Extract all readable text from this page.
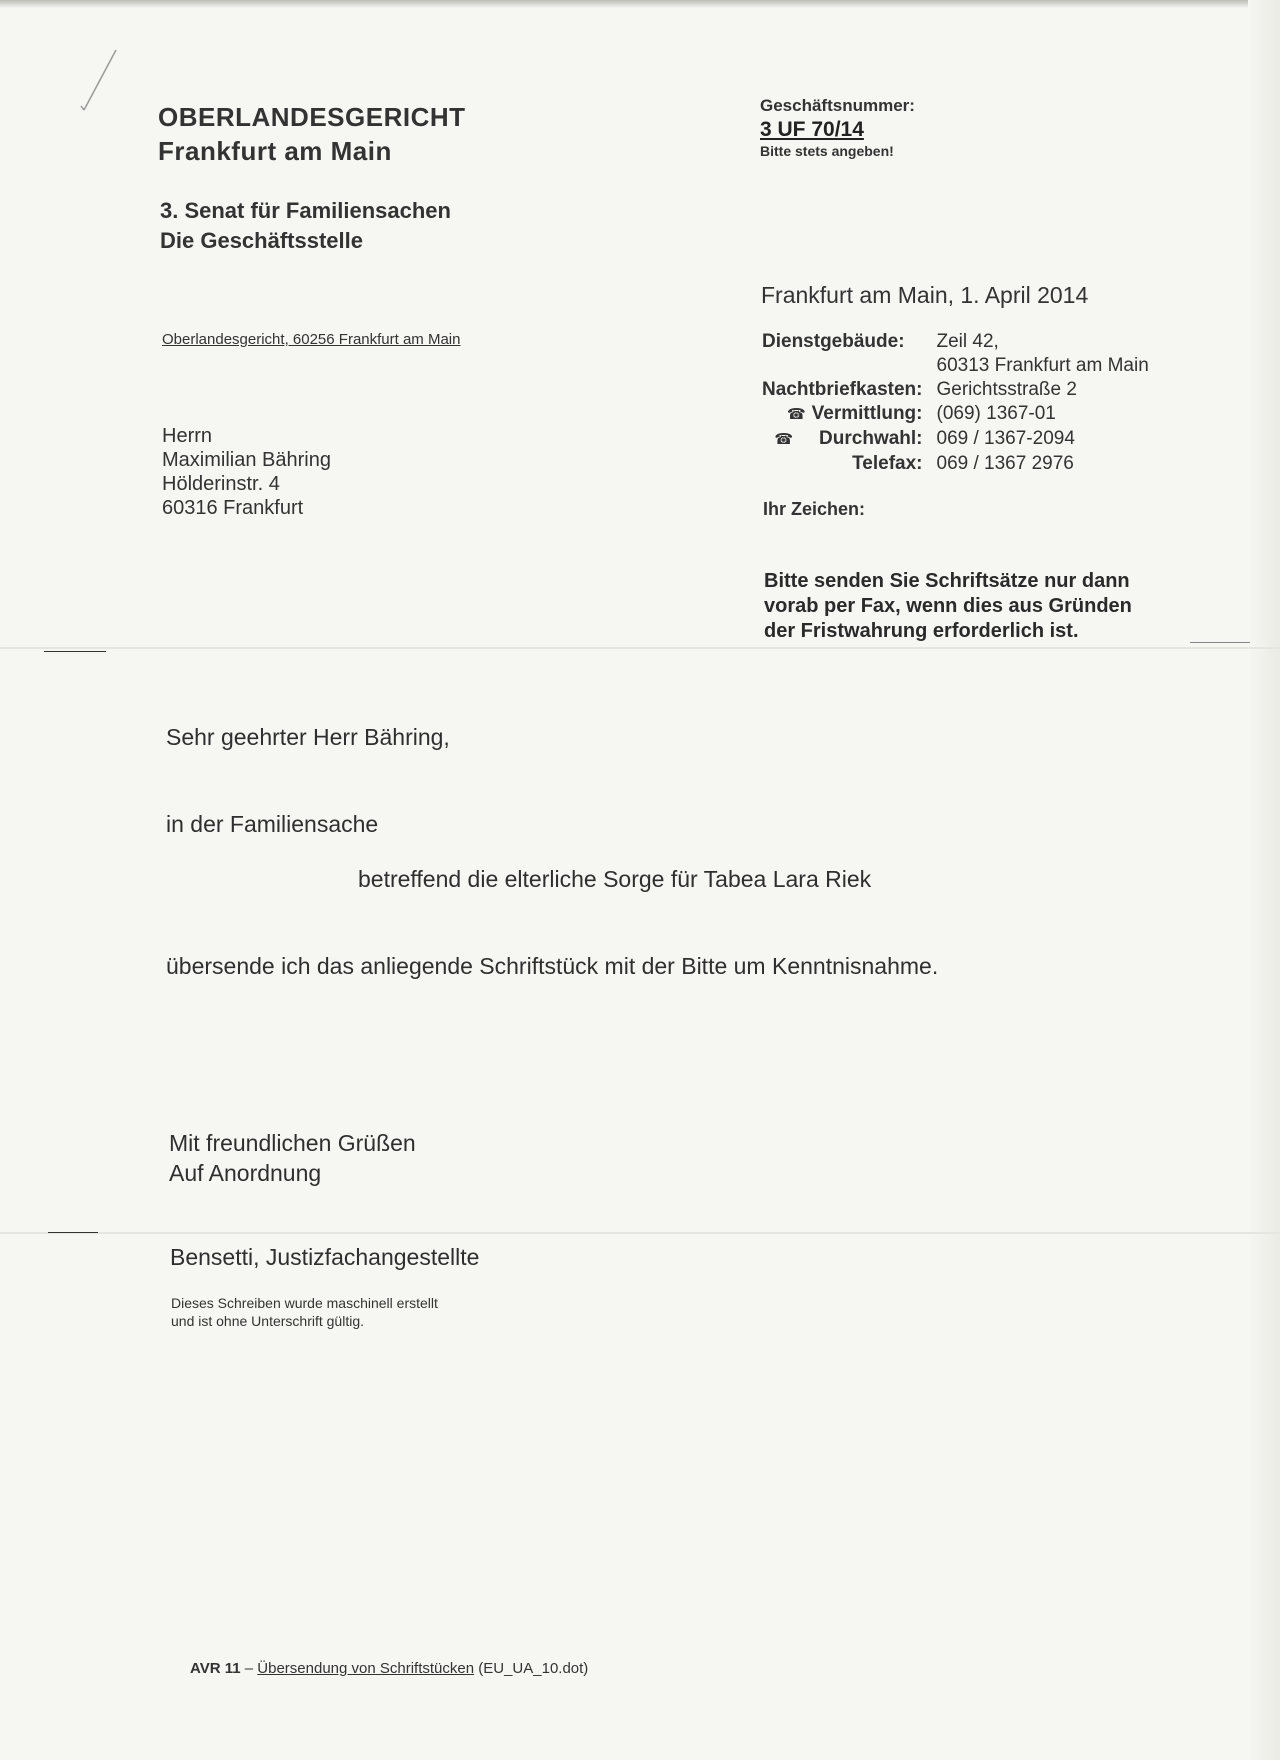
OBERLANDESGERICHT
Frankfurt am Main
3. Senat für Familiensachen
Die Geschäftsstelle
Geschäftsnummer:
3 UF 70/14
Bitte stets angeben!
Oberlandesgericht, 60256 Frankfurt am Main
Herrn
Maximilian Bähring
Hölderinstr. 4
60316 Frankfurt
Frankfurt am Main, 1. April 2014
Dienstgebäude:	Zeil 42,
	60313 Frankfurt am Main
Nachtbriefkasten:	Gerichtsstraße 2
☎ Vermittlung:	(069) 1367-01
☎ Durchwahl:	069 / 1367-2094
Telefax:	069 / 1367 2976
Ihr Zeichen:
Bitte senden Sie Schriftsätze nur dann
vorab per Fax, wenn dies aus Gründen
der Fristwahrung erforderlich ist.
Sehr geehrter Herr Bähring,
in der Familiensache
betreffend die elterliche Sorge für Tabea Lara Riek
übersende ich das anliegende Schriftstück mit der Bitte um Kenntnisnahme.
Mit freundlichen Grüßen
Auf Anordnung
Bensetti, Justizfachangestellte
Dieses Schreiben wurde maschinell erstellt
und ist ohne Unterschrift gültig.
AVR 11 – Übersendung von Schriftstücken (EU_UA_10.dot)
